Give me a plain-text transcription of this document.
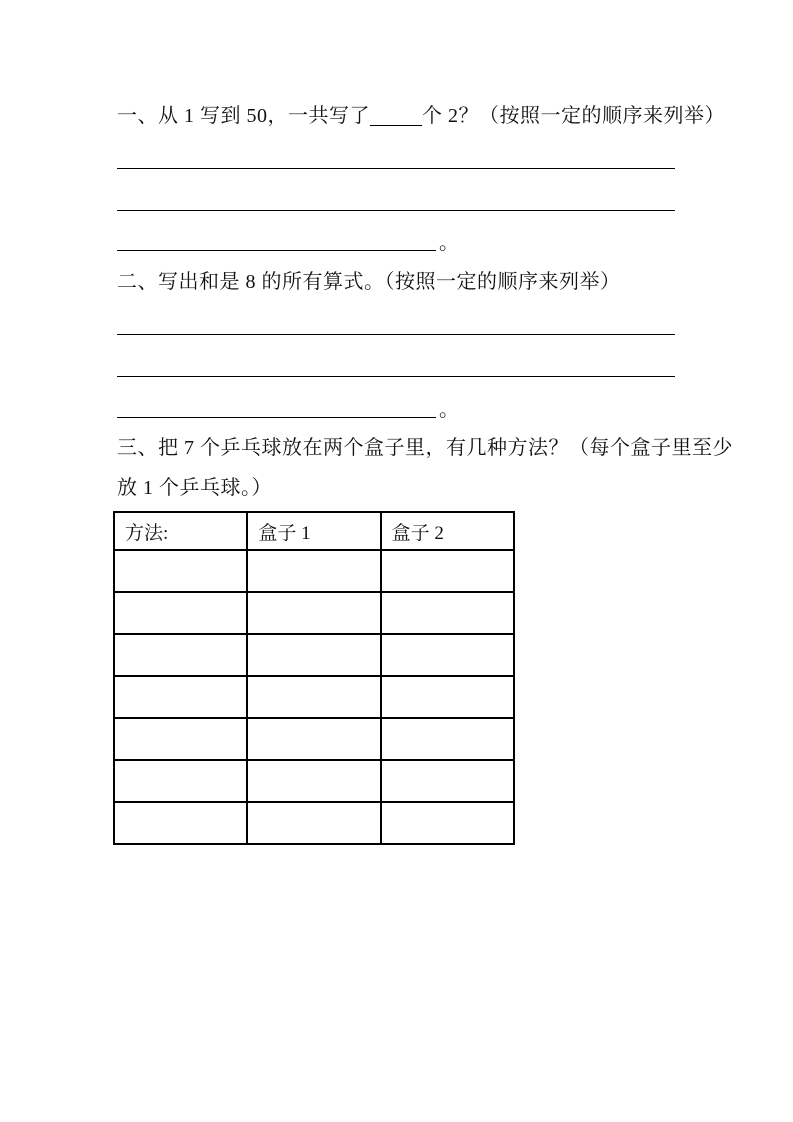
一、从 1 写到 50，一共写了	个 2？（按照一定的顺序来列举）
。
二、写出和是 8 的所有算式。（按照一定的顺序来列举）
。
三、把 7 个乒乓球放在两个盒子里，有几种方法？（每个盒子里至少
放 1 个乒乓球。）
方法:	盒子 1	盒子 2
